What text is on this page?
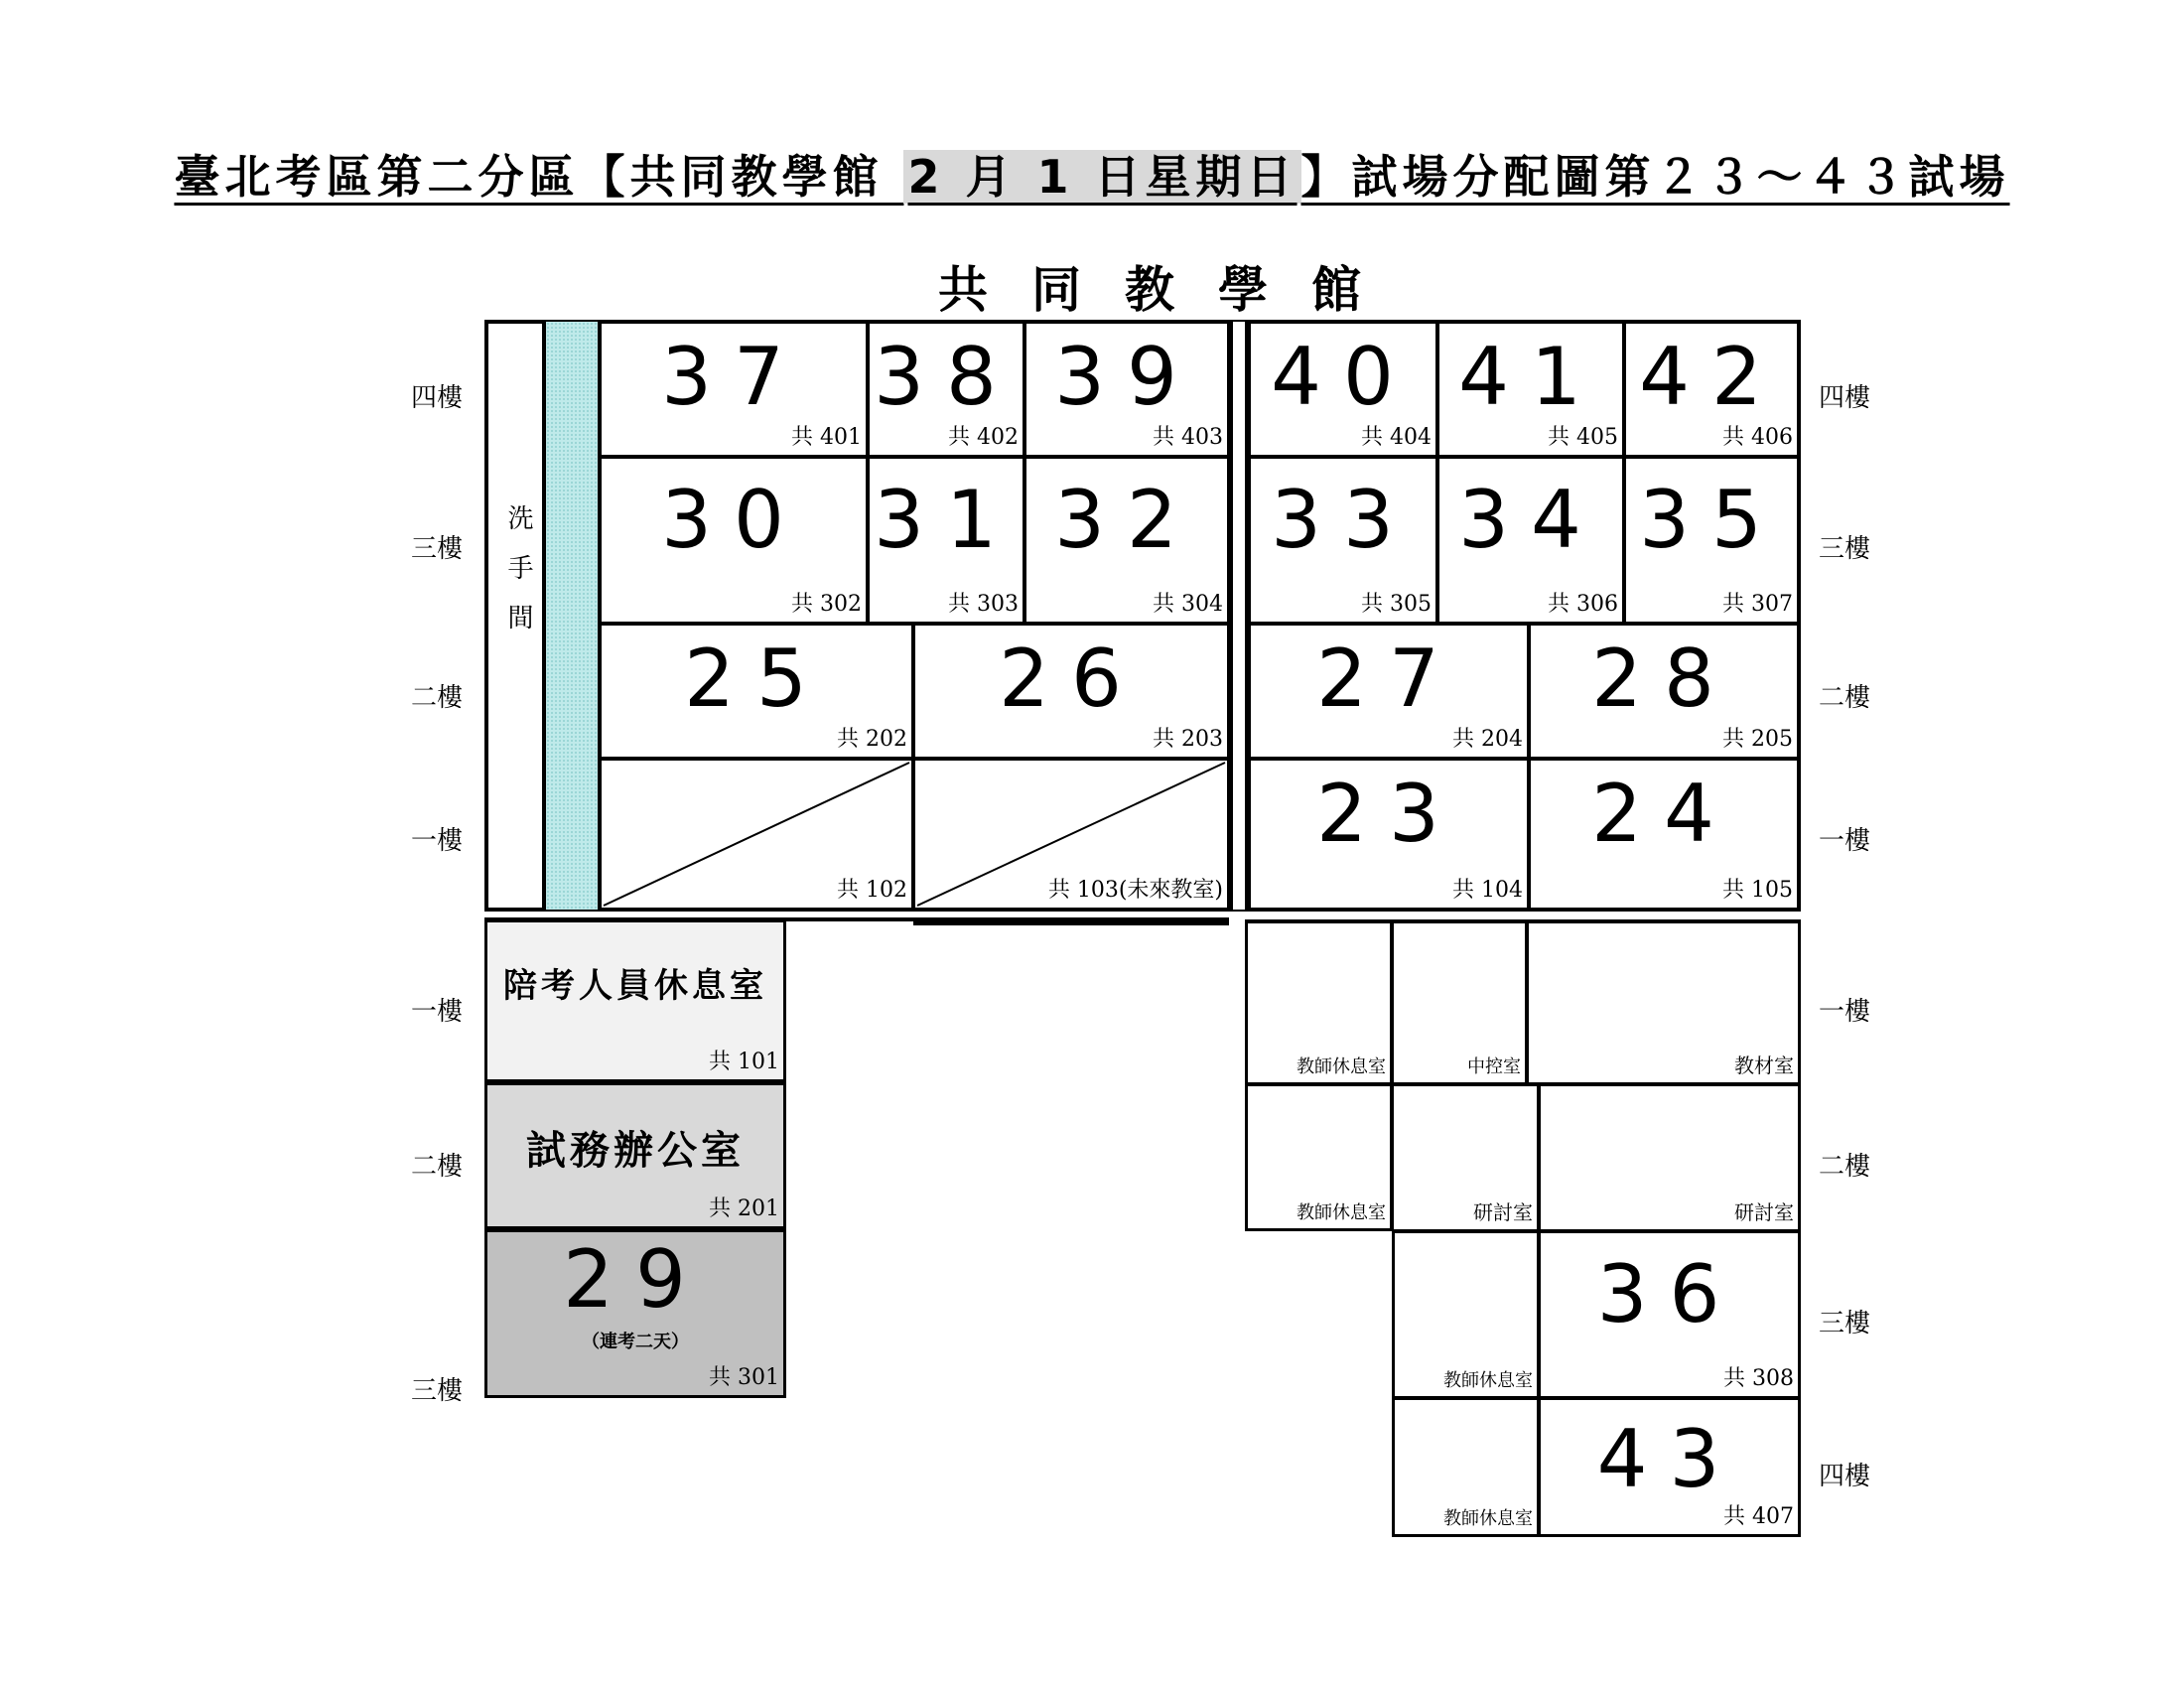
臺北考區第二分區【共同教學館 2 月 1 日星期日】試場分配圖第２３～４３試場
共同教學館
洗手間
37
共 401
38
共 402
39
共 403
40
共 404
41
共 405
42
共 406
30
共 302
31
共 303
32
共 304
33
共 305
34
共 306
35
共 307
25
共 202
26
共 203
27
共 204
28
共 205
共 102	共 103(未來教室)
23
共 104
24
共 105
四樓
三樓
二樓
一樓
四樓
三樓
二樓
一樓
陪考人員休息室
共 101
試務辦公室
共 201
29
（連考二天）
共 301
一樓
二樓
三樓
教師休息室	中控室	教材室
教師休息室	研討室	研討室
教師休息室
36
共 308
教師休息室
43
共 407
一樓
二樓
三樓
四樓
